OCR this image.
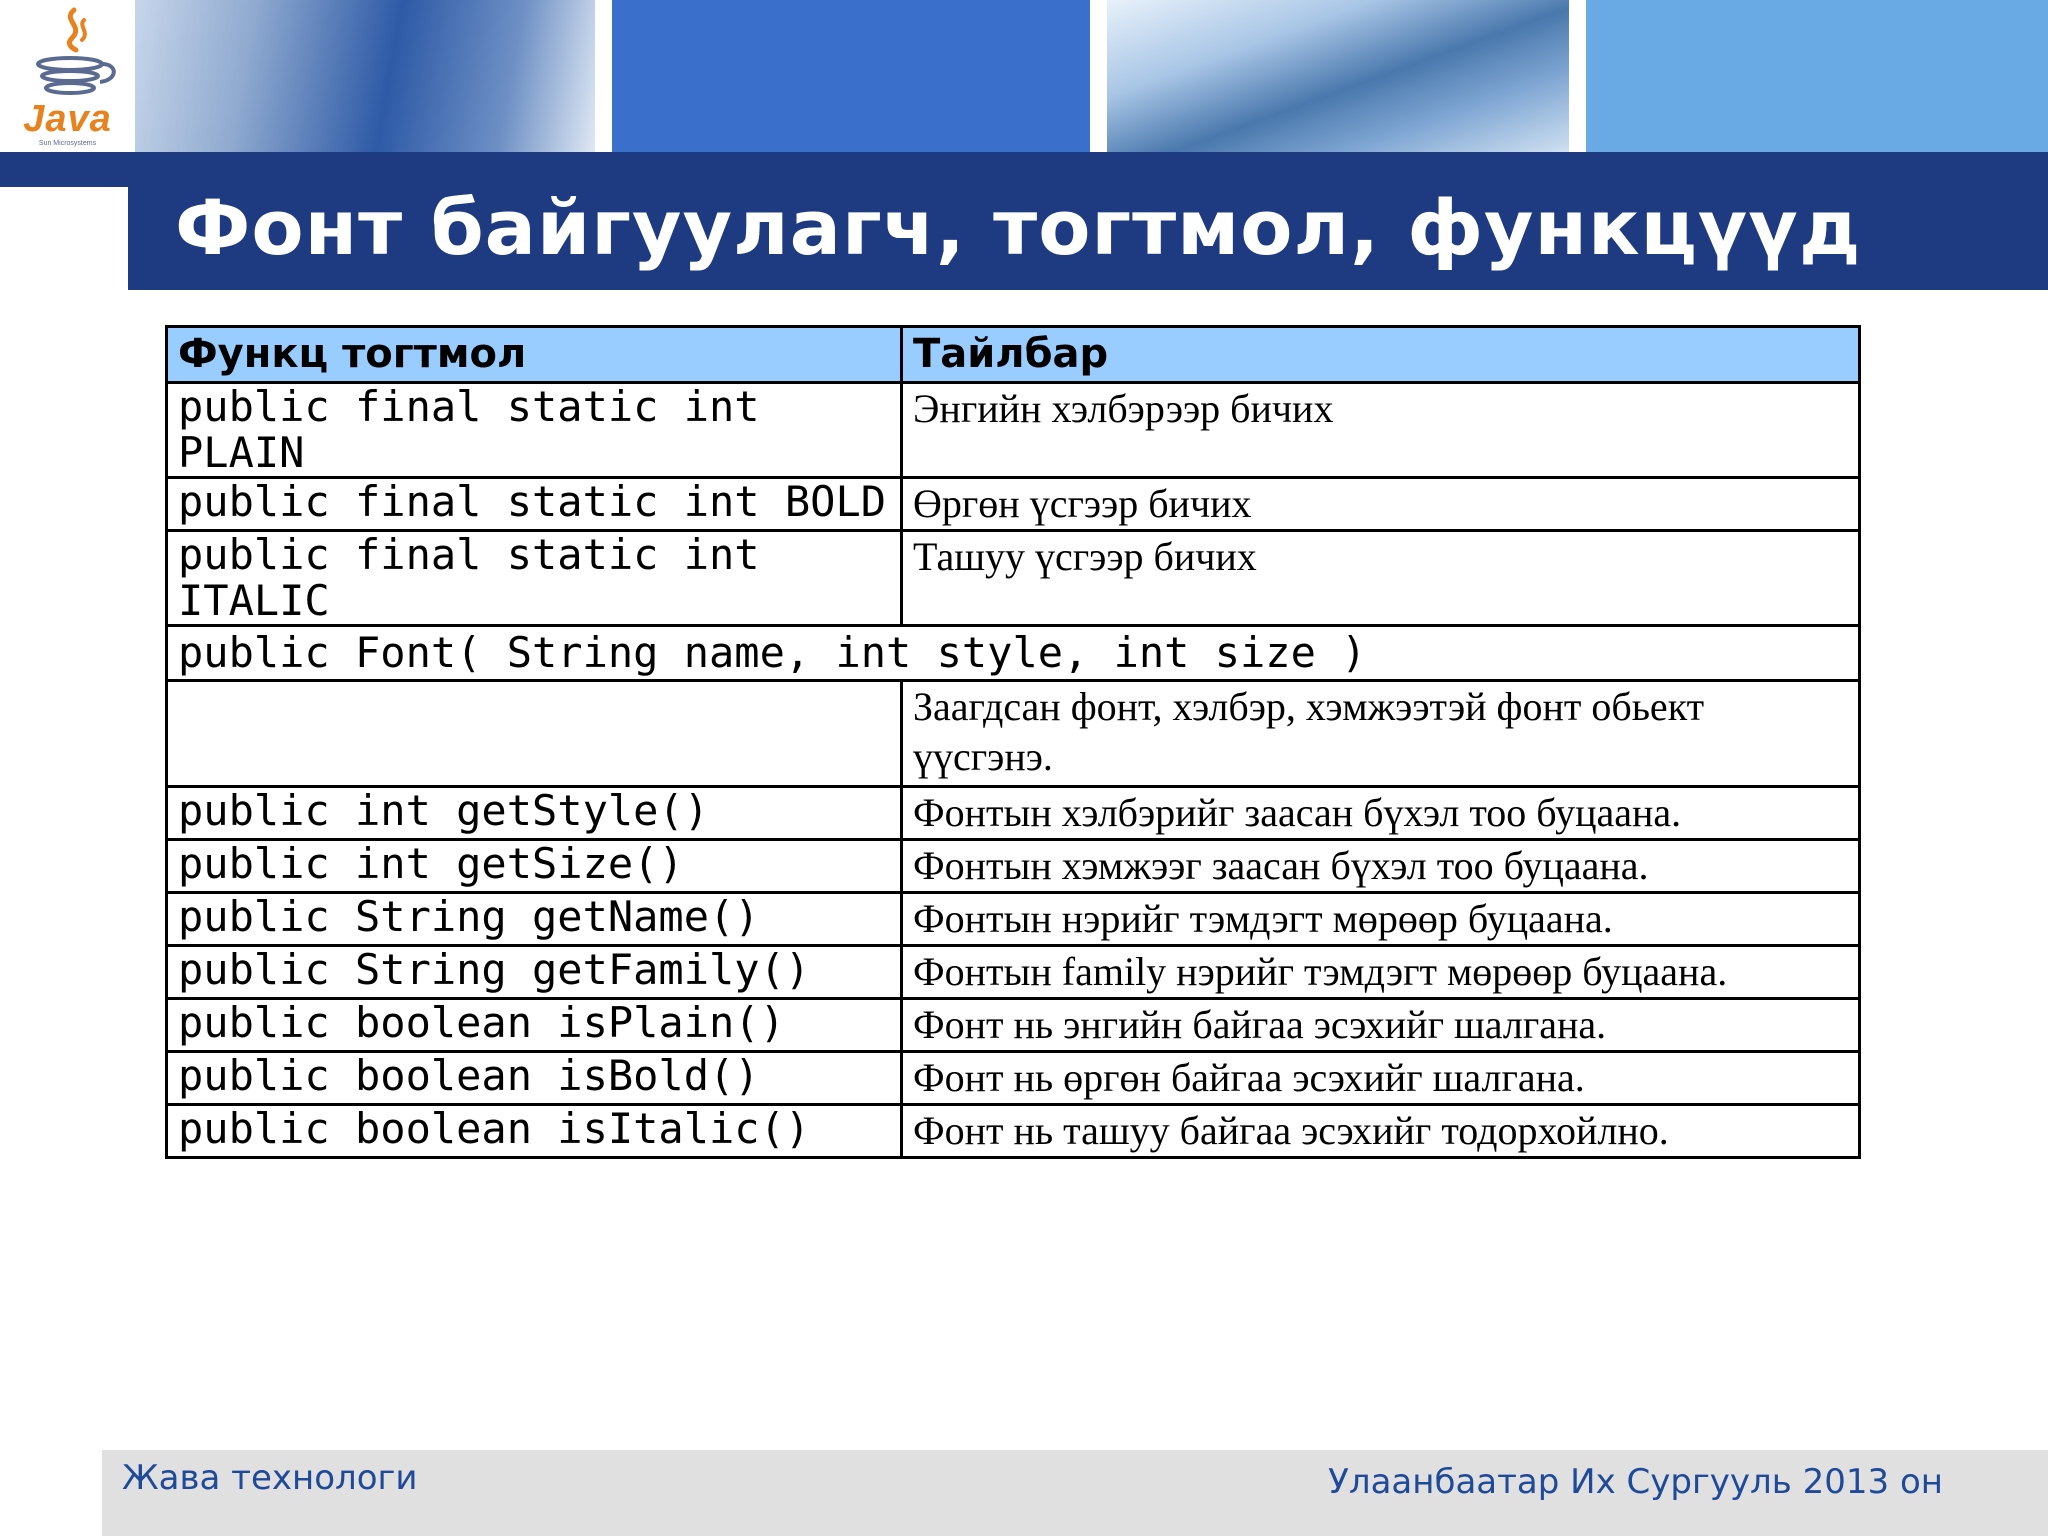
Java
Sun Microsystems
Фонт байгуулагч, тогтмол, функцүүд
Функц тогтмол	Тайлбар
public final static int PLAIN	Энгийн хэлбэрээр бичих
public final static int BOLD	Өргөн үсгээр бичих
public final static int ITALIC	Ташуу үсгээр бичих
public Font( String name, int style, int size )	
	Заагдсан фонт, хэлбэр, хэмжээтэй фонт обьект үүсгэнэ.
public int getStyle()	Фонтын хэлбэрийг заасан бүхэл тоо буцаана.
public int getSize()	Фонтын хэмжээг заасан бүхэл тоо буцаана.
public String getName()	Фонтын нэрийг тэмдэгт мөрөөр буцаана.
public String getFamily()	Фонтын family нэрийг тэмдэгт мөрөөр буцаана.
public boolean isPlain()	Фонт нь энгийн байгаа эсэхийг шалгана.
public boolean isBold()	Фонт нь өргөн байгаа эсэхийг шалгана.
public boolean isItalic()	Фонт нь ташуу байгаа эсэхийг тодорхойлно.
Жава технологи	Улаанбаатар Их Сургууль 2013 он
